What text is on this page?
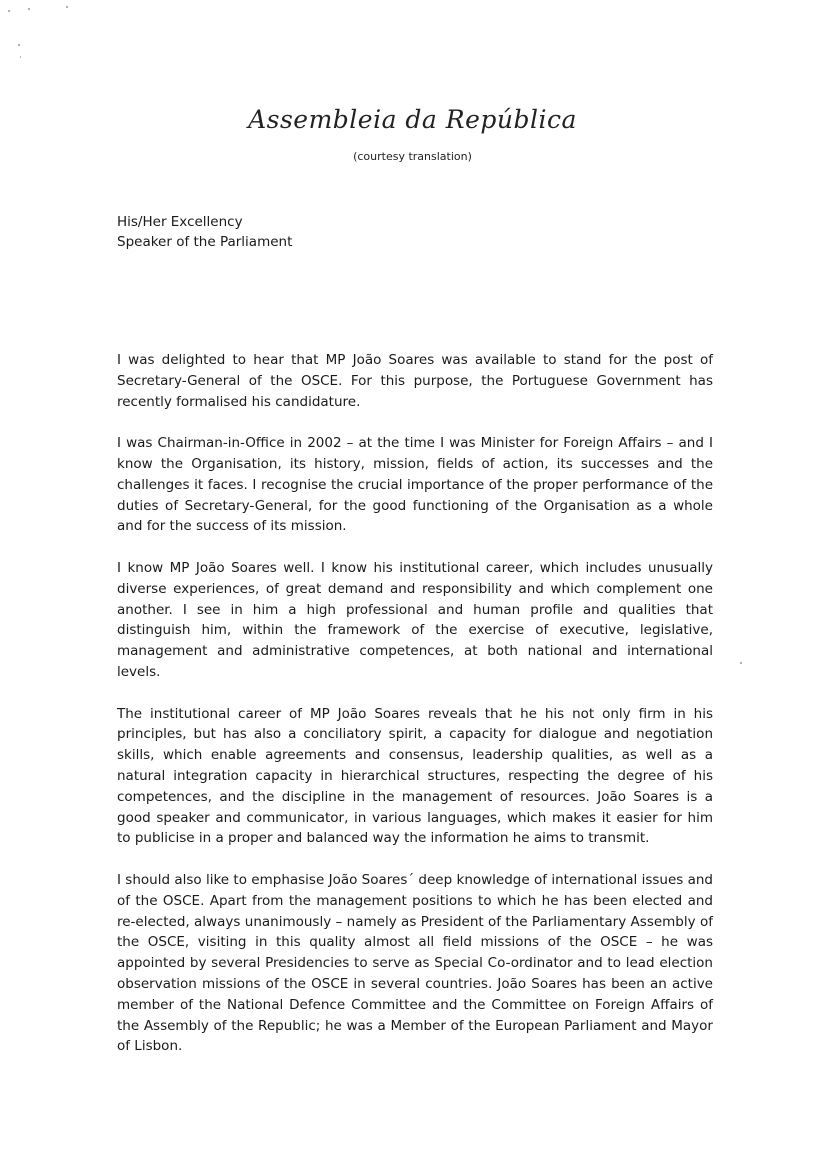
Assembleia da República
(courtesy translation)
His/Her Excellency
Speaker of the Parliament

I was delighted to hear that MP João Soares was available to stand for the post of Secretary-General of the OSCE. For this purpose, the Portuguese Government has recently formalised his candidature.

I was Chairman-in-Office in 2002 – at the time I was Minister for Foreign Affairs – and I know the Organisation, its history, mission, fields of action, its successes and the challenges it faces. I recognise the crucial importance of the proper performance of the duties of Secretary-General, for the good functioning of the Organisation as a whole and for the success of its mission.

I know MP João Soares well. I know his institutional career, which includes unusually diverse experiences, of great demand and responsibility and which complement one another. I see in him a high professional and human profile and qualities that distinguish him, within the framework of the exercise of executive, legislative, management and administrative competences, at both national and international levels.

The institutional career of MP João Soares reveals that he his not only firm in his principles, but has also a conciliatory spirit, a capacity for dialogue and negotiation skills, which enable agreements and consensus, leadership qualities, as well as a natural integration capacity in hierarchical structures, respecting the degree of his competences, and the discipline in the management of resources. João Soares is a good speaker and communicator, in various languages, which makes it easier for him to publicise in a proper and balanced way the information he aims to transmit.

I should also like to emphasise João Soares´ deep knowledge of international issues and of the OSCE. Apart from the management positions to which he has been elected and re-elected, always unanimously – namely as President of the Parliamentary Assembly of the OSCE, visiting in this quality almost all field missions of the OSCE – he was appointed by several Presidencies to serve as Special Co-ordinator and to lead election observation missions of the OSCE in several countries. João Soares has been an active member of the National Defence Committee and the Committee on Foreign Affairs of the Assembly of the Republic; he was a Member of the European Parliament and Mayor of Lisbon.
